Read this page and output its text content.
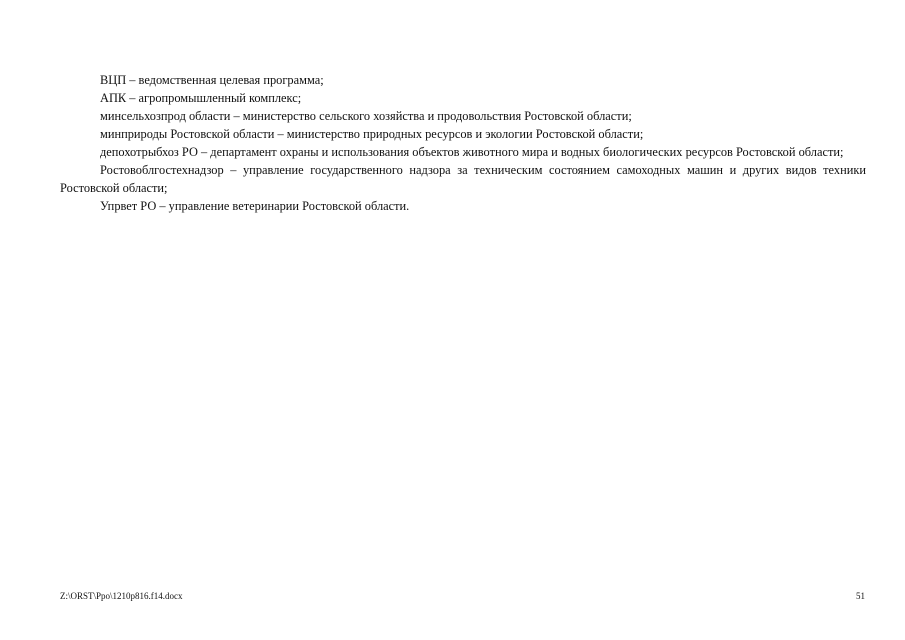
ВЦП – ведомственная целевая программа;

АПК – агропромышленный комплекс;

минсельхозпрод области – министерство сельского хозяйства и продовольствия Ростовской области;

минприроды Ростовской области – министерство природных ресурсов и экологии Ростовской области;

депохотрыбхоз РО – департамент охраны и использования объектов животного мира и водных биологических ресурсов Ростовской области;

Ростовоблгостехнадзор – управление государственного надзора за техническим состоянием самоходных машин и других видов техники Ростовской области;

Упрвет РО – управление ветеринарии Ростовской области.

Z:\ORST\Ppo\1210p816.f14.docx	51
